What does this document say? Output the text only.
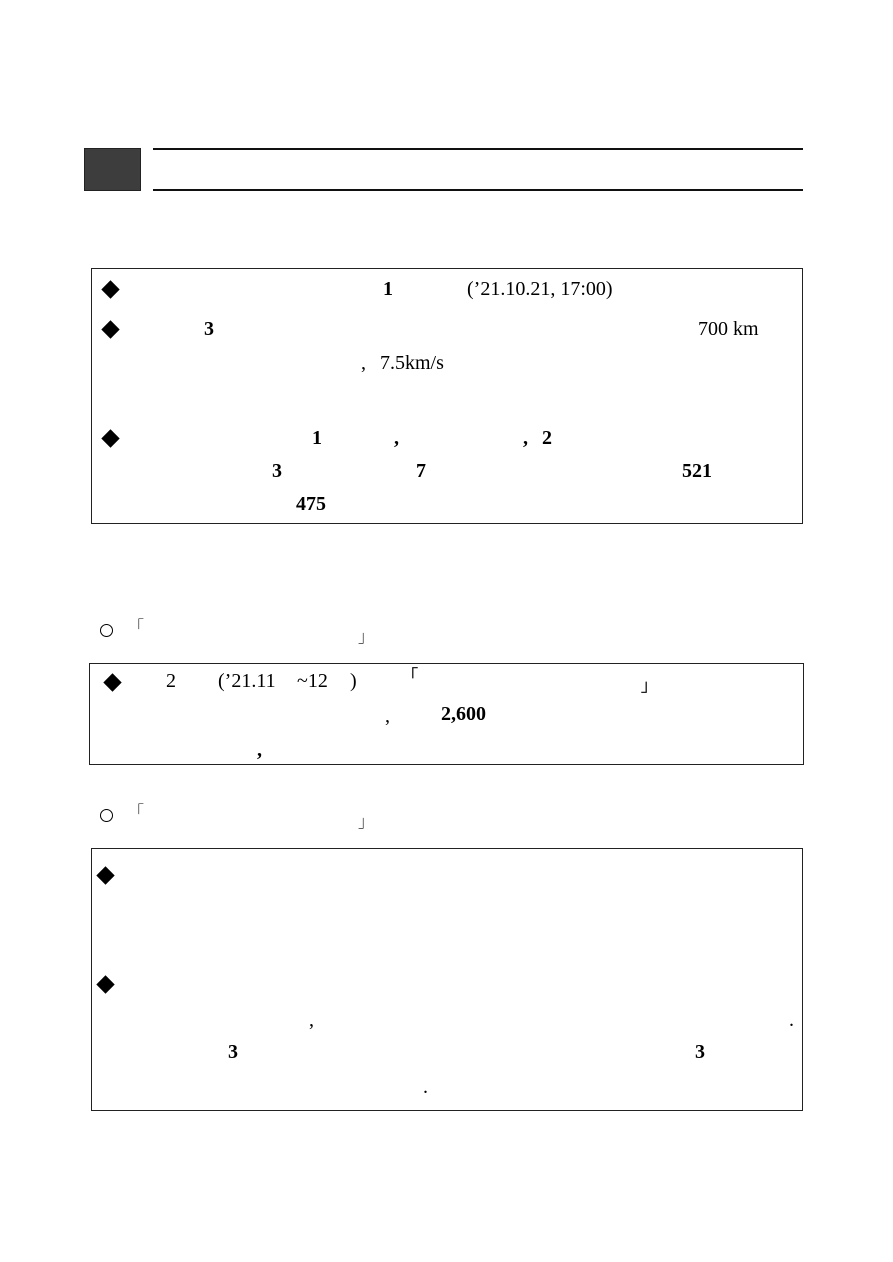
1	(’21.10.21, 17:00)
3	700 km
, 7.5km/s
1	,	, 2
3	7	521
475
「
」
2 (’21.11 ~12 )	「
」
,	2,600
,
「
」
,	.
3	3
.
